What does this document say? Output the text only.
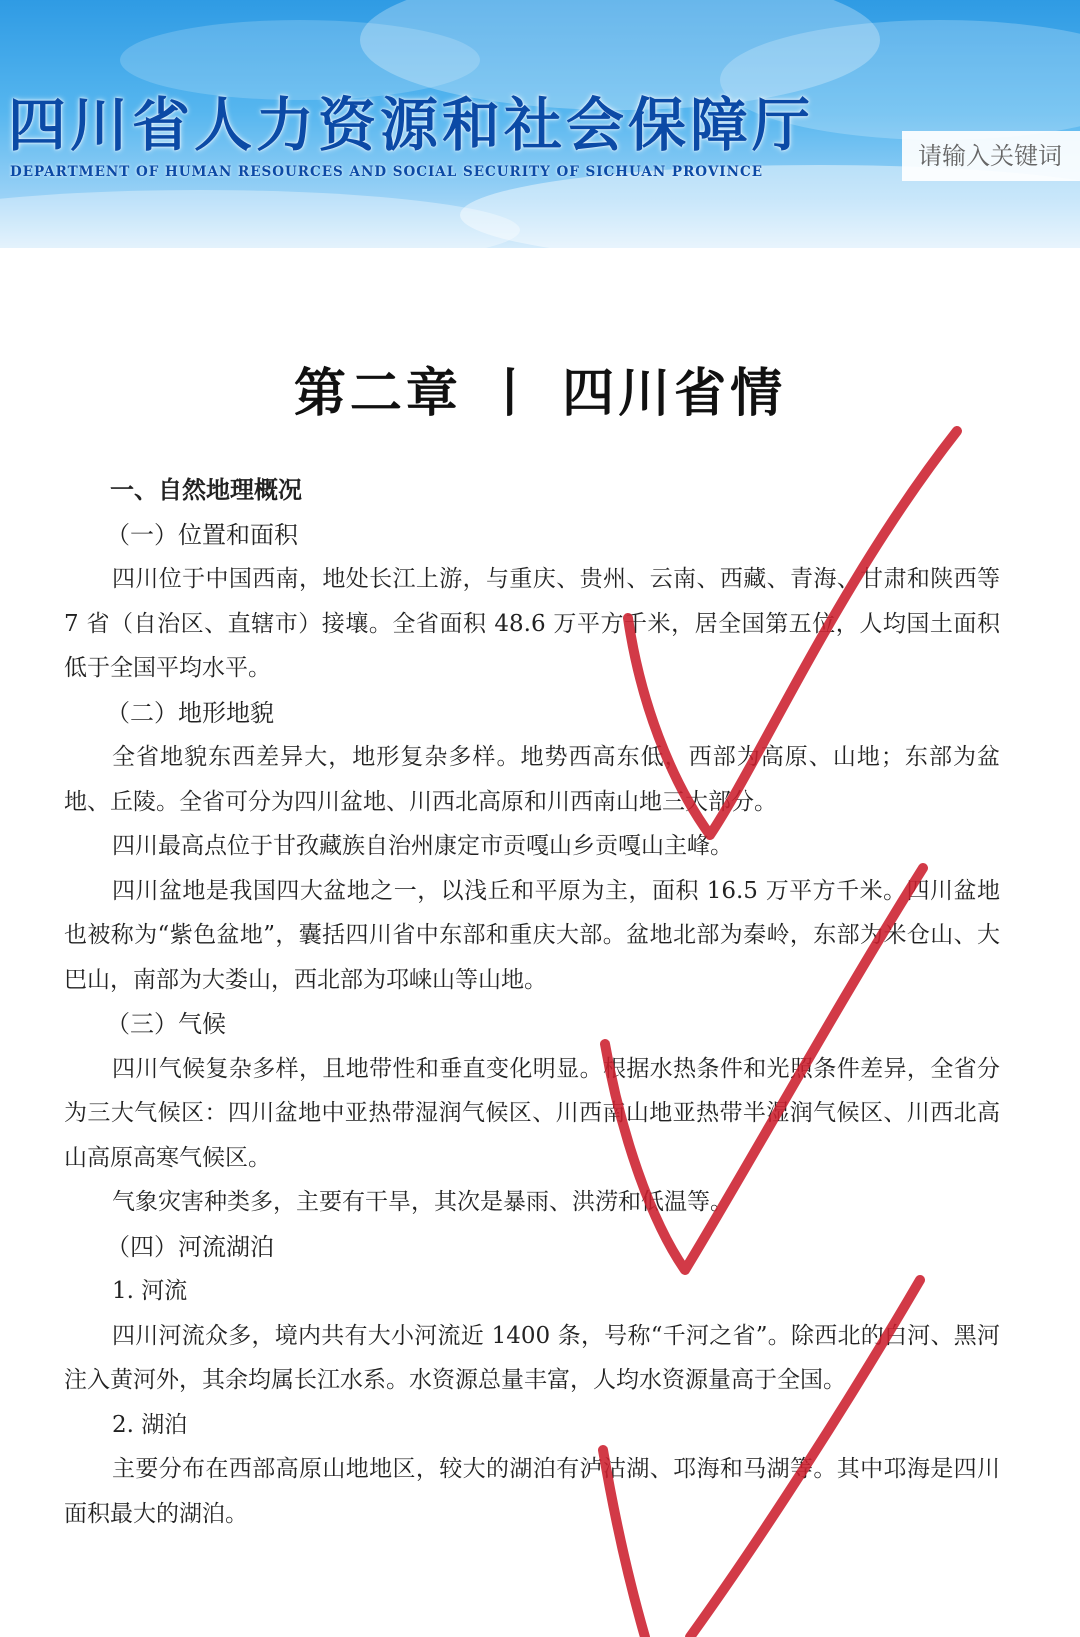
四川省人力资源和社会保障厅
DEPARTMENT OF HUMAN RESOURCES AND SOCIAL SECURITY OF SICHUAN PROVINCE
请输入关键词
第二章 丨 四川省情

一、自然地理概况

（一）位置和面积

四川位于中国西南，地处长江上游，与重庆、贵州、云南、西藏、青海、甘肃和陕西等 7 省（自治区、直辖市）接壤。全省面积 48.6 万平方千米，居全国第五位，人均国土面积低于全国平均水平。

（二）地形地貌

全省地貌东西差异大，地形复杂多样。地势西高东低，西部为高原、山地；东部为盆地、丘陵。全省可分为四川盆地、川西北高原和川西南山地三大部分。

四川最高点位于甘孜藏族自治州康定市贡嘎山乡贡嘎山主峰。

四川盆地是我国四大盆地之一，以浅丘和平原为主，面积 16.5 万平方千米。四川盆地也被称为“紫色盆地”，囊括四川省中东部和重庆大部。盆地北部为秦岭，东部为米仓山、大巴山，南部为大娄山，西北部为邛崃山等山地。

（三）气候

四川气候复杂多样，且地带性和垂直变化明显。根据水热条件和光照条件差异，全省分为三大气候区：四川盆地中亚热带湿润气候区、川西南山地亚热带半湿润气候区、川西北高山高原高寒气候区。

气象灾害种类多，主要有干旱，其次是暴雨、洪涝和低温等。

（四）河流湖泊

1. 河流

四川河流众多，境内共有大小河流近 1400 条，号称“千河之省”。除西北的白河、黑河注入黄河外，其余均属长江水系。水资源总量丰富，人均水资源量高于全国。

2. 湖泊

主要分布在西部高原山地地区，较大的湖泊有泸沽湖、邛海和马湖等。其中邛海是四川面积最大的湖泊。
